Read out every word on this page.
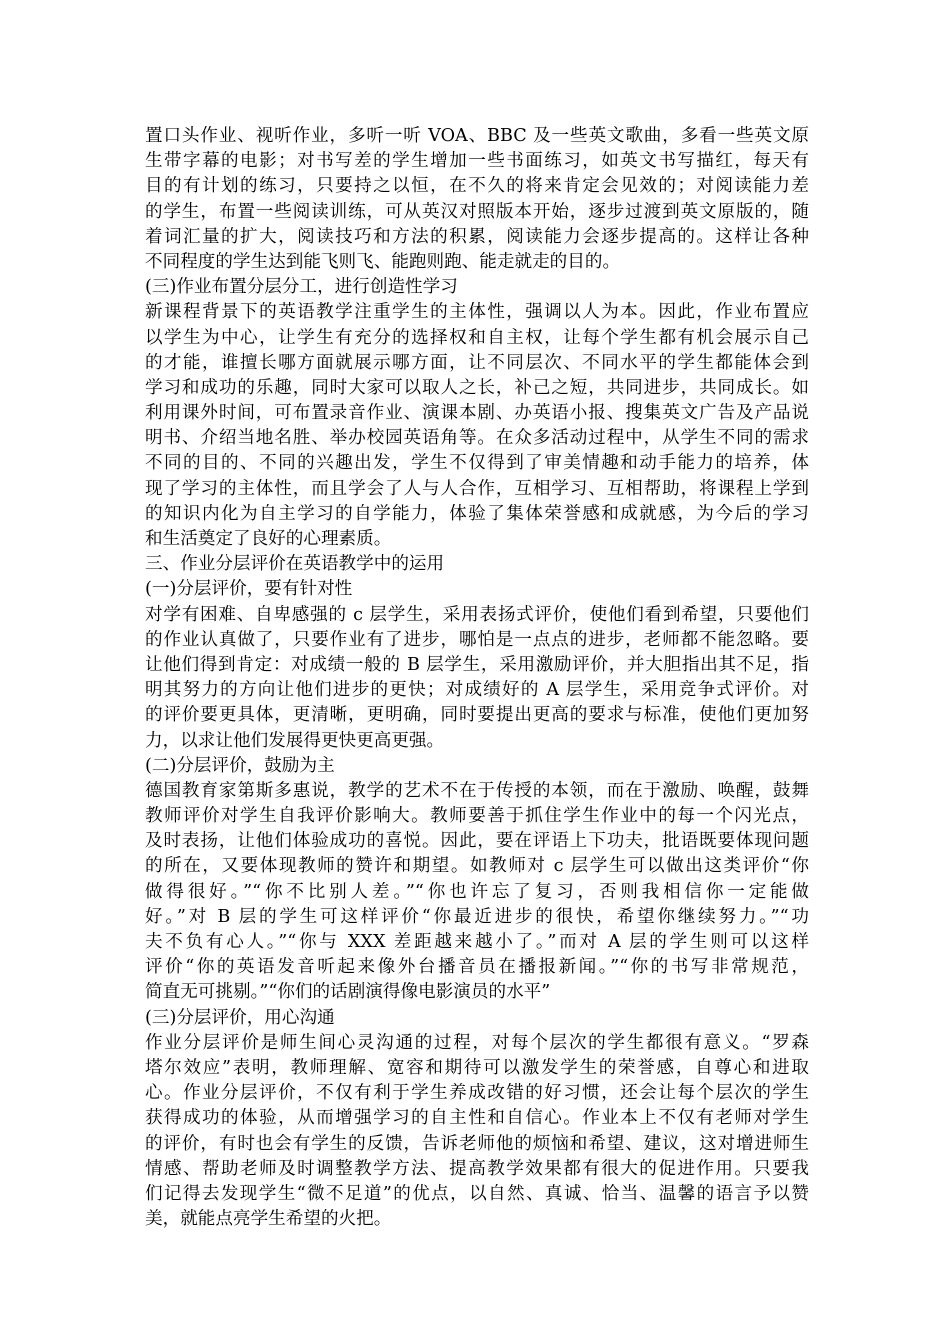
置口头作业、视听作业，多听一听 VOA、BBC 及一些英文歌曲，多看一些英文原
生带字幕的电影；对书写差的学生增加一些书面练习，如英文书写描红，每天有
目的有计划的练习，只要持之以恒，在不久的将来肯定会见效的；对阅读能力差
的学生，布置一些阅读训练，可从英汉对照版本开始，逐步过渡到英文原版的，随
着词汇量的扩大，阅读技巧和方法的积累，阅读能力会逐步提高的。这样让各种
不同程度的学生达到能飞则飞、能跑则跑、能走就走的目的。
(三)作业布置分层分工，进行创造性学习
新课程背景下的英语教学注重学生的主体性，强调以人为本。因此，作业布置应
以学生为中心，让学生有充分的选择权和自主权，让每个学生都有机会展示自己
的才能，谁擅长哪方面就展示哪方面，让不同层次、不同水平的学生都能体会到
学习和成功的乐趣，同时大家可以取人之长，补己之短，共同进步，共同成长。如
利用课外时间，可布置录音作业、演课本剧、办英语小报、搜集英文广告及产品说
明书、介绍当地名胜、举办校园英语角等。在众多活动过程中，从学生不同的需求
不同的目的、不同的兴趣出发，学生不仅得到了审美情趣和动手能力的培养，体
现了学习的主体性，而且学会了人与人合作，互相学习、互相帮助，将课程上学到
的知识内化为自主学习的自学能力，体验了集体荣誉感和成就感，为今后的学习
和生活奠定了良好的心理素质。
三、作业分层评价在英语教学中的运用
(一)分层评价，要有针对性
对学有困难、自卑感强的 c 层学生，采用表扬式评价，使他们看到希望，只要他们
的作业认真做了，只要作业有了进步，哪怕是一点点的进步，老师都不能忽略。要
让他们得到肯定：对成绩一般的 B 层学生，采用激励评价，并大胆指出其不足，指
明其努力的方向让他们进步的更快；对成绩好的 A 层学生，采用竞争式评价。对
的评价要更具体，更清晰，更明确，同时要提出更高的要求与标准，使他们更加努
力，以求让他们发展得更快更高更强。
(二)分层评价，鼓励为主
德国教育家第斯多惠说，教学的艺术不在于传授的本领，而在于激励、唤醒，鼓舞
教师评价对学生自我评价影响大。教师要善于抓住学生作业中的每一个闪光点，
及时表扬，让他们体验成功的喜悦。因此，要在评语上下功夫，批语既要体现问题
的所在，又要体现教师的赞许和期望。如教师对 c 层学生可以做出这类评价“你
做得很好。”“你不比别人差。”“你也许忘了复习，否则我相信你一定能做
好。”对 B 层的学生可这样评价“你最近进步的很快，希望你继续努力。”“功
夫不负有心人。”“你与 XXX 差距越来越小了。”而对 A 层的学生则可以这样
评价“你的英语发音听起来像外台播音员在播报新闻。”“你的书写非常规范，
简直无可挑剔。”“你们的话剧演得像电影演员的水平”
(三)分层评价，用心沟通
作业分层评价是师生间心灵沟通的过程，对每个层次的学生都很有意义。“罗森
塔尔效应”表明，教师理解、宽容和期待可以激发学生的荣誉感，自尊心和进取
心。作业分层评价，不仅有利于学生养成改错的好习惯，还会让每个层次的学生
获得成功的体验，从而增强学习的自主性和自信心。作业本上不仅有老师对学生
的评价，有时也会有学生的反馈，告诉老师他的烦恼和希望、建议，这对增进师生
情感、帮助老师及时调整教学方法、提高教学效果都有很大的促进作用。只要我
们记得去发现学生“微不足道”的优点，以自然、真诚、恰当、温馨的语言予以赞
美，就能点亮学生希望的火把。
